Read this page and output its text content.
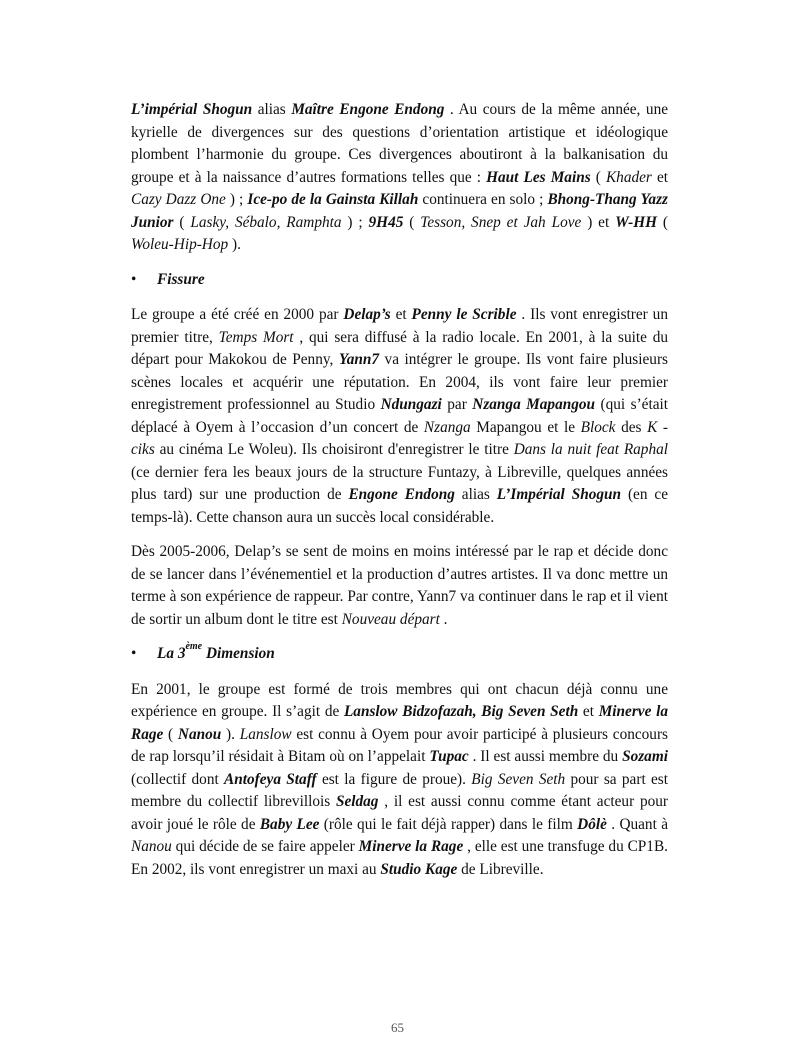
L’impérial Shogun alias Maître Engone Endong . Au cours de la même année, une kyrielle de divergences sur des questions d’orientation artistique et idéologique plombent l’harmonie du groupe. Ces divergences aboutiront à la balkanisation du groupe et à la naissance d’autres formations telles que : Haut Les Mains ( Khader et Cazy Dazz One ) ; Ice-po de la Gainsta Killah continuera en solo ; Bhong-Thang Yazz Junior ( Lasky, Sébalo, Ramphta ) ; 9H45 ( Tesson, Snep et Jah Love ) et W-HH ( Woleu-Hip-Hop ).

•	Fissure

Le groupe a été créé en 2000 par Delap’s et Penny le Scrible . Ils vont enregistrer un premier titre, Temps Mort , qui sera diffusé à la radio locale. En 2001, à la suite du départ pour Makokou de Penny, Yann7 va intégrer le groupe. Ils vont faire plusieurs scènes locales et acquérir une réputation. En 2004, ils vont faire leur premier enregistrement professionnel au Studio Ndungazi par Nzanga Mapangou (qui s’était déplacé à Oyem à l’occasion d’un concert de Nzanga Mapangou et le Block des K - ciks au cinéma Le Woleu). Ils choisiront d'enregistrer le titre Dans la nuit feat Raphal (ce dernier fera les beaux jours de la structure Funtazy, à Libreville, quelques années plus tard) sur une production de Engone Endong alias L’Impérial Shogun (en ce temps-là). Cette chanson aura un succès local considérable.

Dès 2005-2006, Delap’s se sent de moins en moins intéressé par le rap et décide donc de se lancer dans l’événementiel et la production d’autres artistes. Il va donc mettre un terme à son expérience de rappeur. Par contre, Yann7 va continuer dans le rap et il vient de sortir un album dont le titre est Nouveau départ .

•	La 3ème Dimension

En 2001, le groupe est formé de trois membres qui ont chacun déjà connu une expérience en groupe. Il s’agit de Lanslow Bidzofazah, Big Seven Seth et Minerve la Rage ( Nanou ). Lanslow est connu à Oyem pour avoir participé à plusieurs concours de rap lorsqu’il résidait à Bitam où on l’appelait Tupac . Il est aussi membre du Sozami (collectif dont Antofeya Staff est la figure de proue). Big Seven Seth pour sa part est membre du collectif librevillois Seldag , il est aussi connu comme étant acteur pour avoir joué le rôle de Baby Lee (rôle qui le fait déjà rapper) dans le film Dôlè . Quant à Nanou qui décide de se faire appeler Minerve la Rage , elle est une transfuge du CP1B. En 2002, ils vont enregistrer un maxi au Studio Kage de Libreville.

65
